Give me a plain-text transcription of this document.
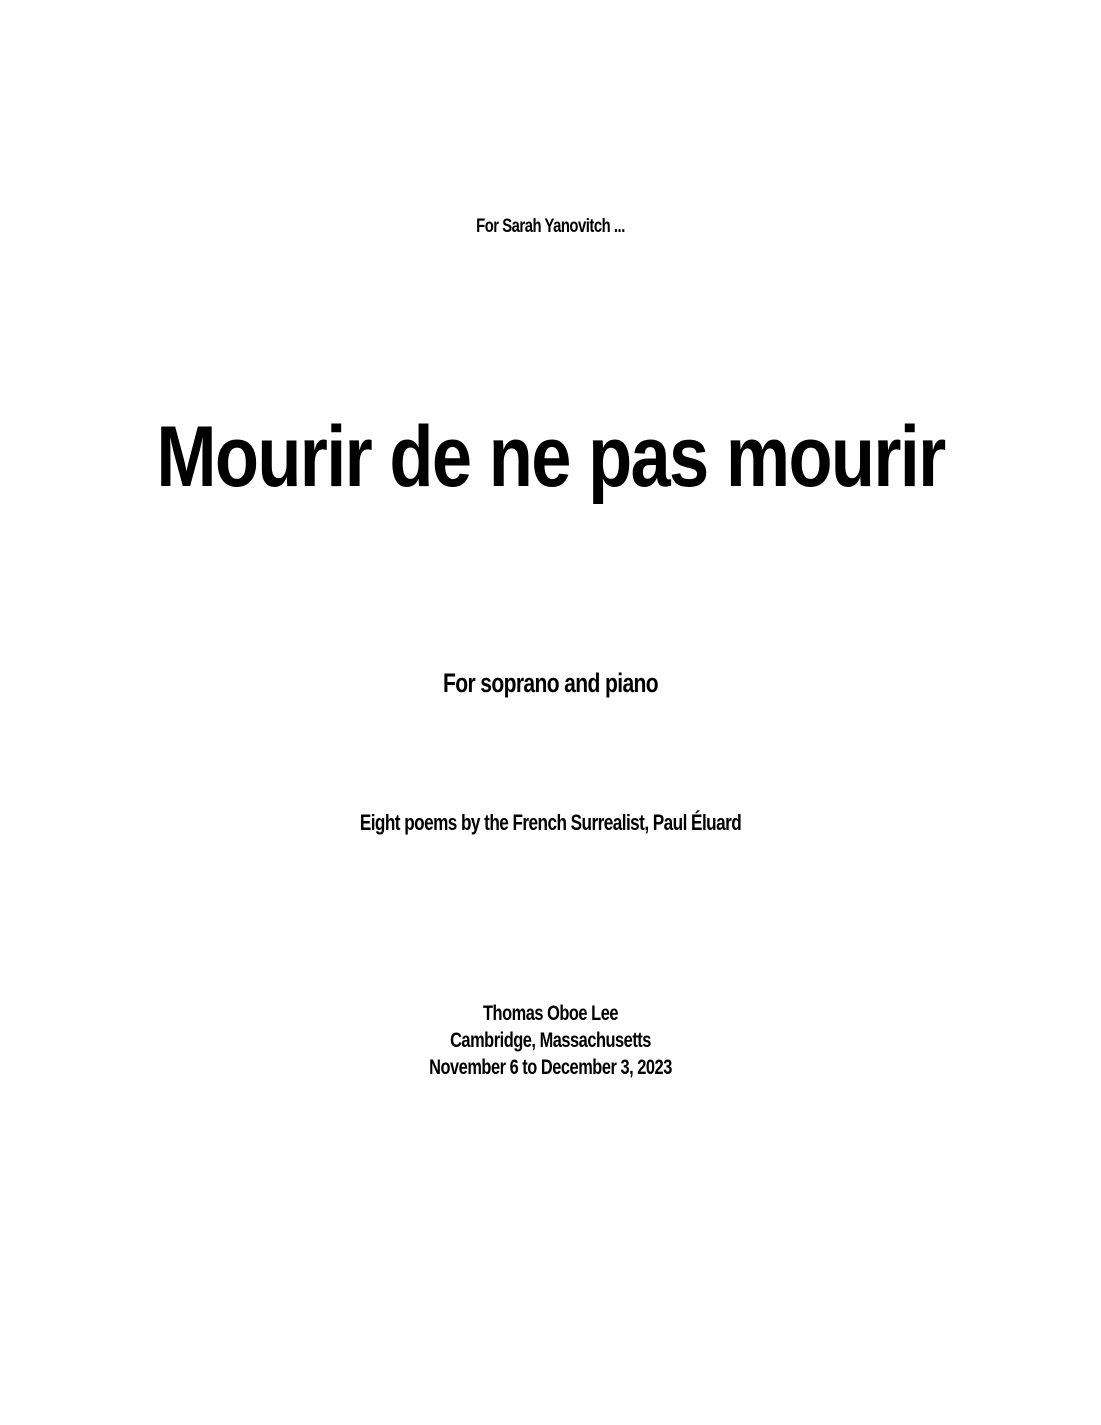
For Sarah Yanovitch ...
Mourir de ne pas mourir
For soprano and piano
Eight poems by the French Surrealist, Paul Éluard
Thomas Oboe Lee
Cambridge, Massachusetts
November 6 to December 3, 2023
